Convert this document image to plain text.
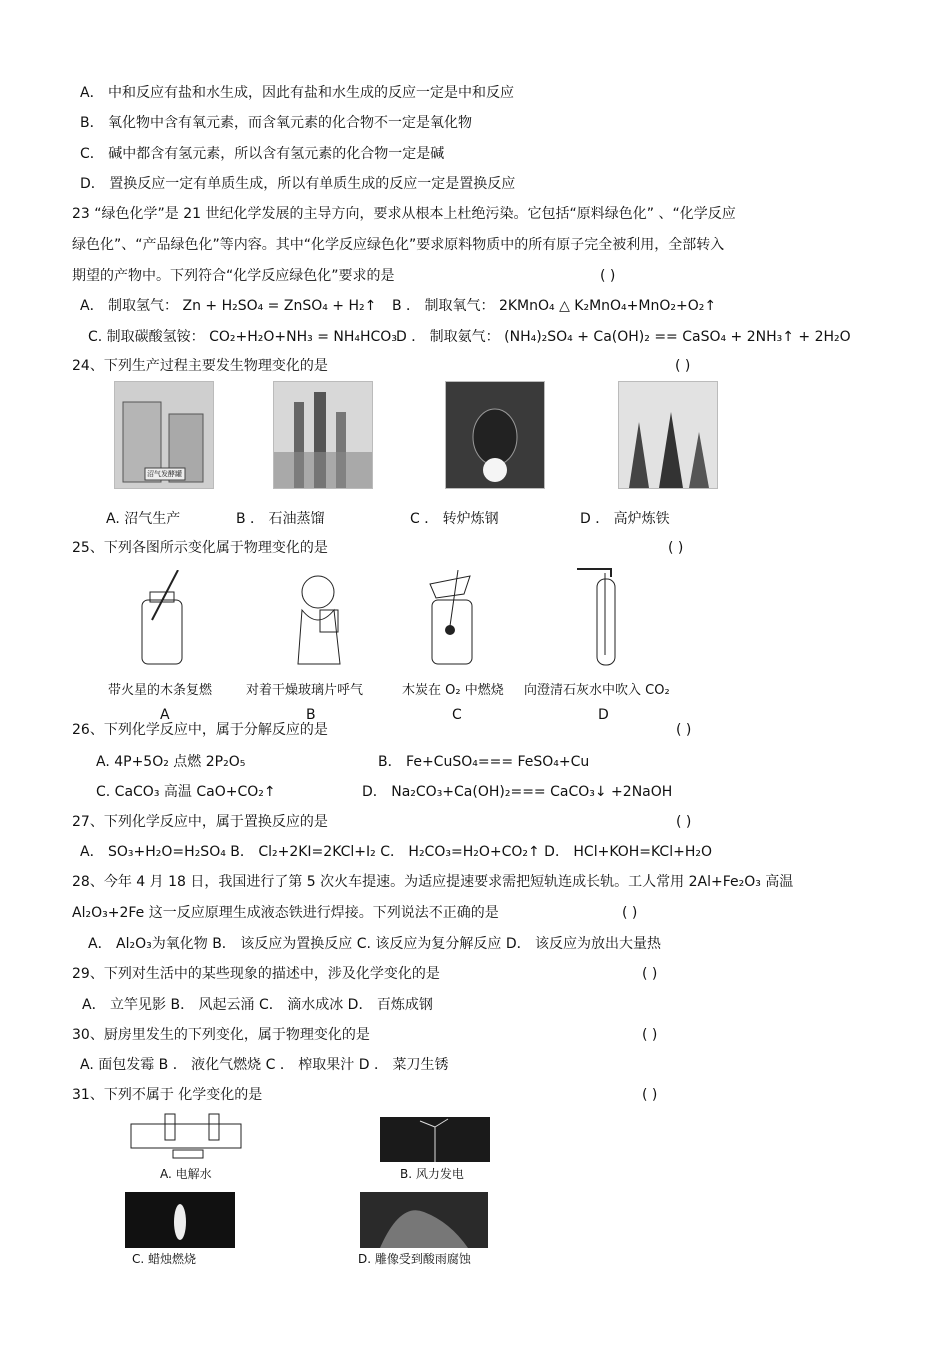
A． 中和反应有盐和水生成，因此有盐和水生成的反应一定是中和反应
B． 氧化物中含有氧元素，而含氧元素的化合物不一定是氧化物
C． 碱中都含有氢元素，所以含有氢元素的化合物一定是碱
D． 置换反应一定有单质生成，所以有单质生成的反应一定是置换反应
23 “绿色化学”是 21 世纪化学发展的主导方向，要求从根本上杜绝污染。它包括“原料绿色化” 、“化学反应
绿色化”、“产品绿色化”等内容。其中“化学反应绿色化”要求原料物质中的所有原子完全被利用，全部转入
期望的产物中。下列符合“化学反应绿色化”要求的是	( )
A． 制取氢气： Zn + H₂SO₄ = ZnSO₄ + H₂↑ B ． 制取氧气： 2KMnO₄ △ K₂MnO₄+MnO₂+O₂↑
C. 制取碳酸氢铵： CO₂+H₂O+NH₃ = NH₄HCO₃ D ． 制取氨气： (NH₄)₂SO₄ + Ca(OH)₂ == CaSO₄ + 2NH₃↑ + 2H₂O
24、下列生产过程主要发生物理变化的是	( )
沼气发酵罐
A. 沼气生产	B ． 石油蒸馏	C ． 转炉炼钢	D ． 高炉炼铁
25、下列各图所示变化属于物理变化的是	( )
带火星的木条复燃	对着干燥玻璃片呼气	木炭在 O₂ 中燃烧 向澄清石灰水中吹入 CO₂
A	B	C	D
26、下列化学反应中，属于分解反应的是	( )
A. 4P+5O₂ 点燃 2P₂O₅	B． Fe+CuSO₄=== FeSO₄+Cu
C. CaCO₃ 高温 CaO+CO₂↑	D． Na₂CO₃+Ca(OH)₂=== CaCO₃↓ +2NaOH
27、下列化学反应中，属于置换反应的是	( )
A． SO₃+H₂O=H₂SO₄ B． Cl₂+2KI=2KCl+I₂ C． H₂CO₃=H₂O+CO₂↑ D． HCl+KOH=KCl+H₂O
28、今年 4 月 18 日，我国进行了第 5 次火车提速。为适应提速要求需把短轨连成长轨。工人常用 2Al+Fe₂O₃ 高温
Al₂O₃+2Fe 这一反应原理生成液态铁进行焊接。下列说法不正确的是	( )
A． Al₂O₃为氧化物 B． 该反应为置换反应 C. 该反应为复分解反应 D． 该反应为放出大量热
29、下列对生活中的某些现象的描述中，涉及化学变化的是	( )
A． 立竿见影 B． 风起云涌 C． 滴水成冰 D． 百炼成钢
30、厨房里发生的下列变化，属于物理变化的是	( )
A. 面包发霉 B ． 液化气燃烧 C ． 榨取果汁 D ． 菜刀生锈
31、下列不属于 化学变化的是	( )
A. 电解水	B. 风力发电
C. 蜡烛燃烧	D. 雕像受到酸雨腐蚀
